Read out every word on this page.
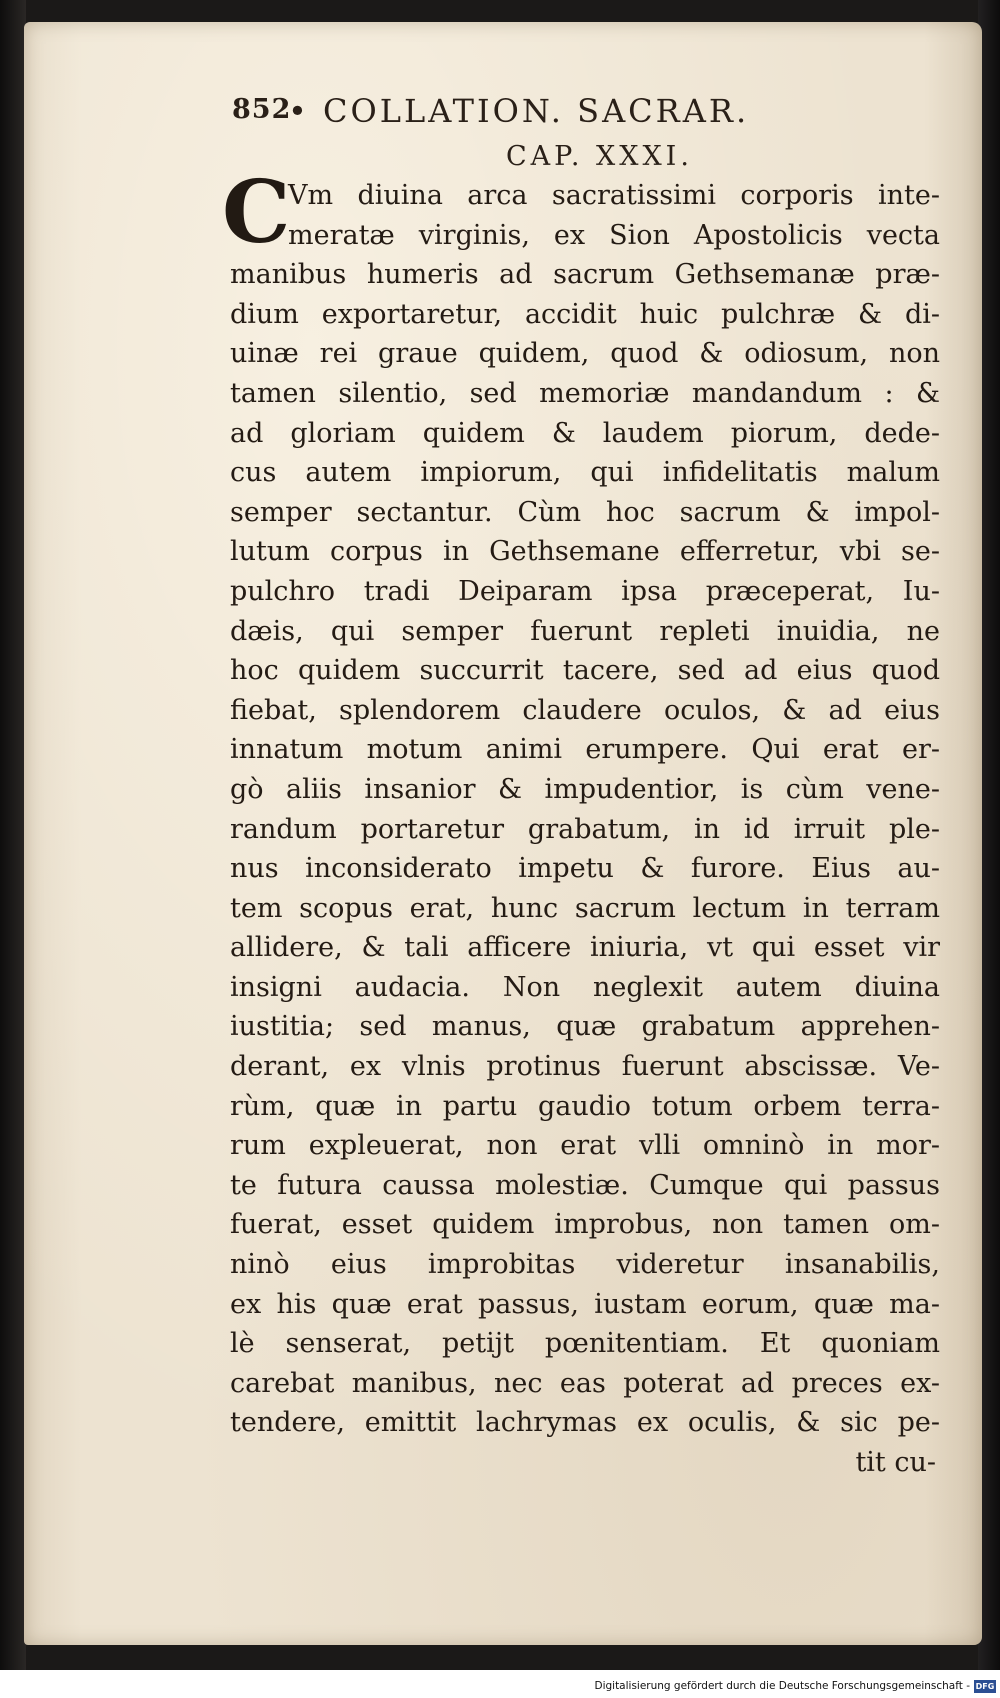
852
• COLLATION. SACRAR.
CAP. XXXI.
C
Vm diuina arca sacratissimi corporis inte-
meratæ virginis, ex Sion Apostolicis vecta
manibus humeris ad sacrum Gethsemanæ præ-
dium exportaretur, accidit huic pulchræ & di-
uinæ rei graue quidem, quod & odiosum, non
tamen silentio, sed memoriæ mandandum : &
ad gloriam quidem & laudem piorum, dede-
cus autem impiorum, qui infidelitatis malum
semper sectantur. Cùm hoc sacrum & impol-
lutum corpus in Gethsemane efferretur, vbi se-
pulchro tradi Deiparam ipsa præceperat, Iu-
dæis, qui semper fuerunt repleti inuidia, ne
hoc quidem succurrit tacere, sed ad eius quod
fiebat, splendorem claudere oculos, & ad eius
innatum motum animi erumpere. Qui erat er-
gò aliis insanior & impudentior, is cùm vene-
randum portaretur grabatum, in id irruit ple-
nus inconsiderato impetu & furore. Eius au-
tem scopus erat, hunc sacrum lectum in terram
allidere, & tali afficere iniuria, vt qui esset vir
insigni audacia. Non neglexit autem diuina
iustitia; sed manus, quæ grabatum apprehen-
derant, ex vlnis protinus fuerunt abscissæ. Ve-
rùm, quæ in partu gaudio totum orbem terra-
rum expleuerat, non erat vlli omninò in mor-
te futura caussa molestiæ. Cumque qui passus
fuerat, esset quidem improbus, non tamen om-
ninò eius improbitas videretur insanabilis,
ex his quæ erat passus, iustam eorum, quæ ma-
lè senserat, petijt pœnitentiam. Et quoniam
carebat manibus, nec eas poterat ad preces ex-
tendere, emittit lachrymas ex oculis, & sic pe-
tit cu-
Digitalisierung gefördert durch die Deutsche Forschungsgemeinschaft - DFG
